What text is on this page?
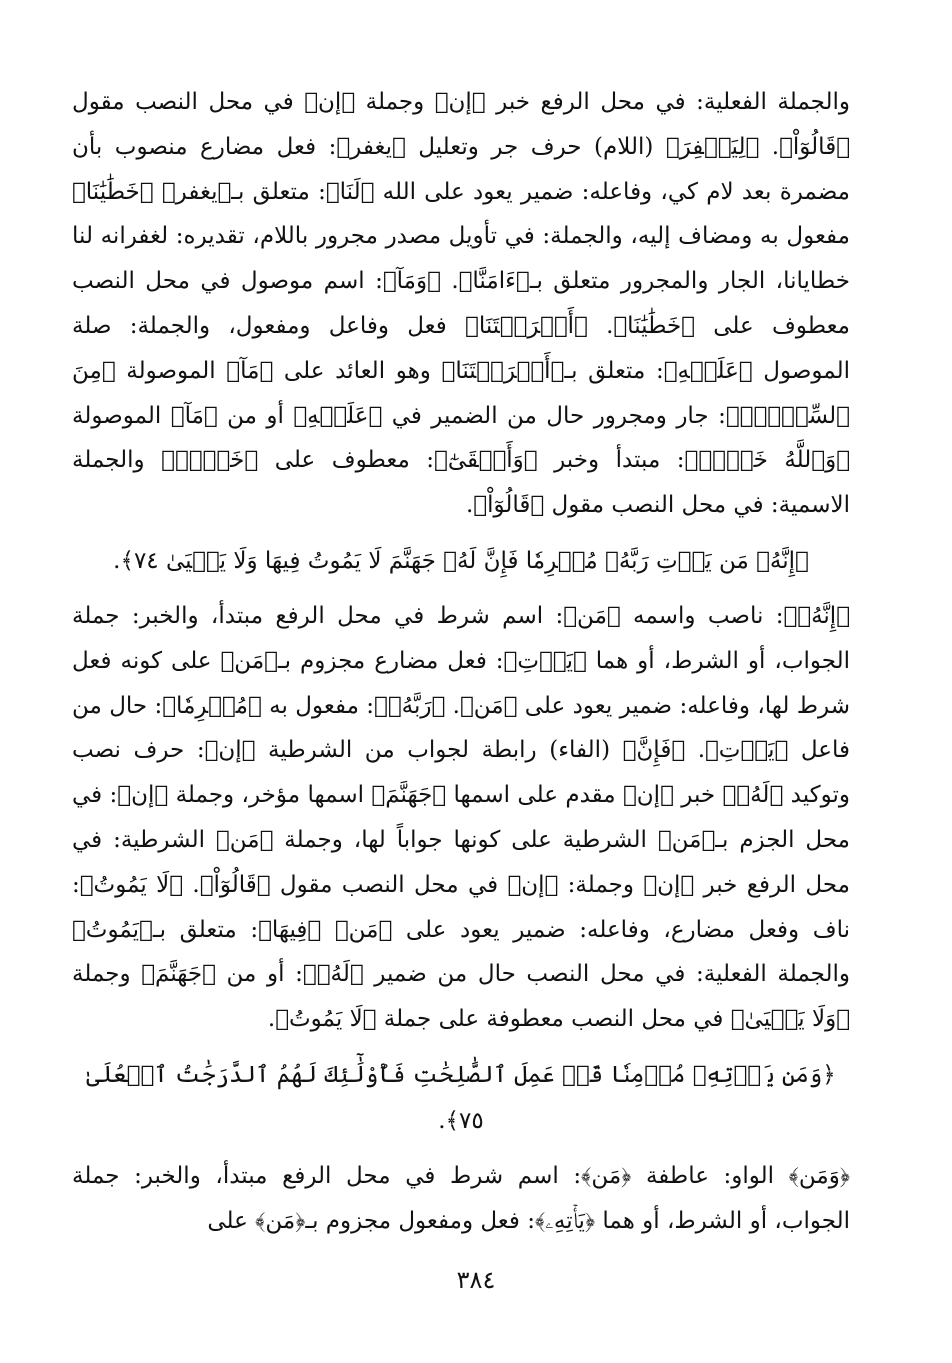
والجملة الفعلية: في محل الرفع خبر ﴿إن﴾ وجملة ﴿إن﴾ في محل النصب مقول ﴿قَالُوٓاْ﴾. ﴿لِيَغۡفِرَ﴾ (اللام) حرف جر وتعليل ﴿يغفر﴾: فعل مضارع منصوب بأن مضمرة بعد لام كي، وفاعله: ضمير يعود على الله ﴿لَنَا﴾: متعلق بـ﴿يغفر﴾ ﴿خَطَٰيَٰنَا﴾ مفعول به ومضاف إليه، والجملة: في تأويل مصدر مجرور باللام، تقديره: لغفرانه لنا خطايانا، الجار والمجرور متعلق بـ﴿ءَامَنَّا﴾. ﴿وَمَآ﴾: اسم موصول في محل النصب معطوف على ﴿خَطَٰيَٰنَا﴾. ﴿أَكۡرَهۡتَنَا﴾ فعل وفاعل ومفعول، والجملة: صلة الموصول ﴿عَلَيۡهِ﴾: متعلق بـ﴿أَكۡرَهۡتَنَا﴾ وهو العائد على ﴿مَآ﴾ الموصولة ﴿مِنَ ٱلسِّحۡرِۗ﴾: جار ومجرور حال من الضمير في ﴿عَلَيۡهِ﴾ أو من ﴿مَآ﴾ الموصولة ﴿وَٱللَّهُ خَيۡرٞ﴾: مبتدأ وخبر ﴿وَأَبۡقَىٰٓ﴾: معطوف على ﴿خَيۡرٞ﴾ والجملة الاسمية: في محل النصب مقول ﴿قَالُوٓاْ﴾.

﴿إِنَّهُۥ مَن يَأۡتِ رَبَّهُۥ مُجۡرِمٗا فَإِنَّ لَهُۥ جَهَنَّمَ لَا يَمُوتُ فِيهَا وَلَا يَحۡيَىٰ ٧٤﴾.

﴿إِنَّهُۥ﴾: ناصب واسمه ﴿مَن﴾: اسم شرط في محل الرفع مبتدأ، والخبر: جملة الجواب، أو الشرط، أو هما ﴿يَأۡتِ﴾: فعل مضارع مجزوم بـ﴿مَن﴾ على كونه فعل شرط لها، وفاعله: ضمير يعود على ﴿مَن﴾. ﴿رَبَّهُۥ﴾: مفعول به ﴿مُجۡرِمٗا﴾: حال من فاعل ﴿يَأۡتِ﴾. ﴿فَإِنَّ﴾ (الفاء) رابطة لجواب من الشرطية ﴿إن﴾: حرف نصب وتوكيد ﴿لَهُۥ﴾ خبر ﴿إن﴾ مقدم على اسمها ﴿جَهَنَّمَ﴾ اسمها مؤخر، وجملة ﴿إن﴾: في محل الجزم بـ﴿مَن﴾ الشرطية على كونها جواباً لها، وجملة ﴿مَن﴾ الشرطية: في محل الرفع خبر ﴿إن﴾ وجملة: ﴿إن﴾ في محل النصب مقول ﴿قَالُوٓاْ﴾. ﴿لَا يَمُوتُ﴾: ناف وفعل مضارع، وفاعله: ضمير يعود على ﴿مَن﴾ ﴿فِيهَا﴾: متعلق بـ﴿يَمُوتُ﴾ والجملة الفعلية: في محل النصب حال من ضمير ﴿لَهُۥ﴾: أو من ﴿جَهَنَّمَ﴾ وجملة ﴿وَلَا يَحۡيَىٰ﴾ في محل النصب معطوفة على جملة ﴿لَا يَمُوتُ﴾.

﴿وَمَن يَأۡتِهِۦ مُؤۡمِنٗا قَدۡ عَمِلَ ٱلصَّٰلِحَٰتِ فَأُوْلَٰٓئِكَ لَهُمُ ٱلدَّرَجَٰتُ ٱلۡعُلَىٰ ٧٥﴾.

﴿وَمَن﴾ الواو: عاطفة ﴿مَن﴾: اسم شرط في محل الرفع مبتدأ، والخبر: جملة الجواب، أو الشرط، أو هما ﴿يَأۡتِهِۦ﴾: فعل ومفعول مجزوم بـ﴿مَن﴾ على

٣٨٤
